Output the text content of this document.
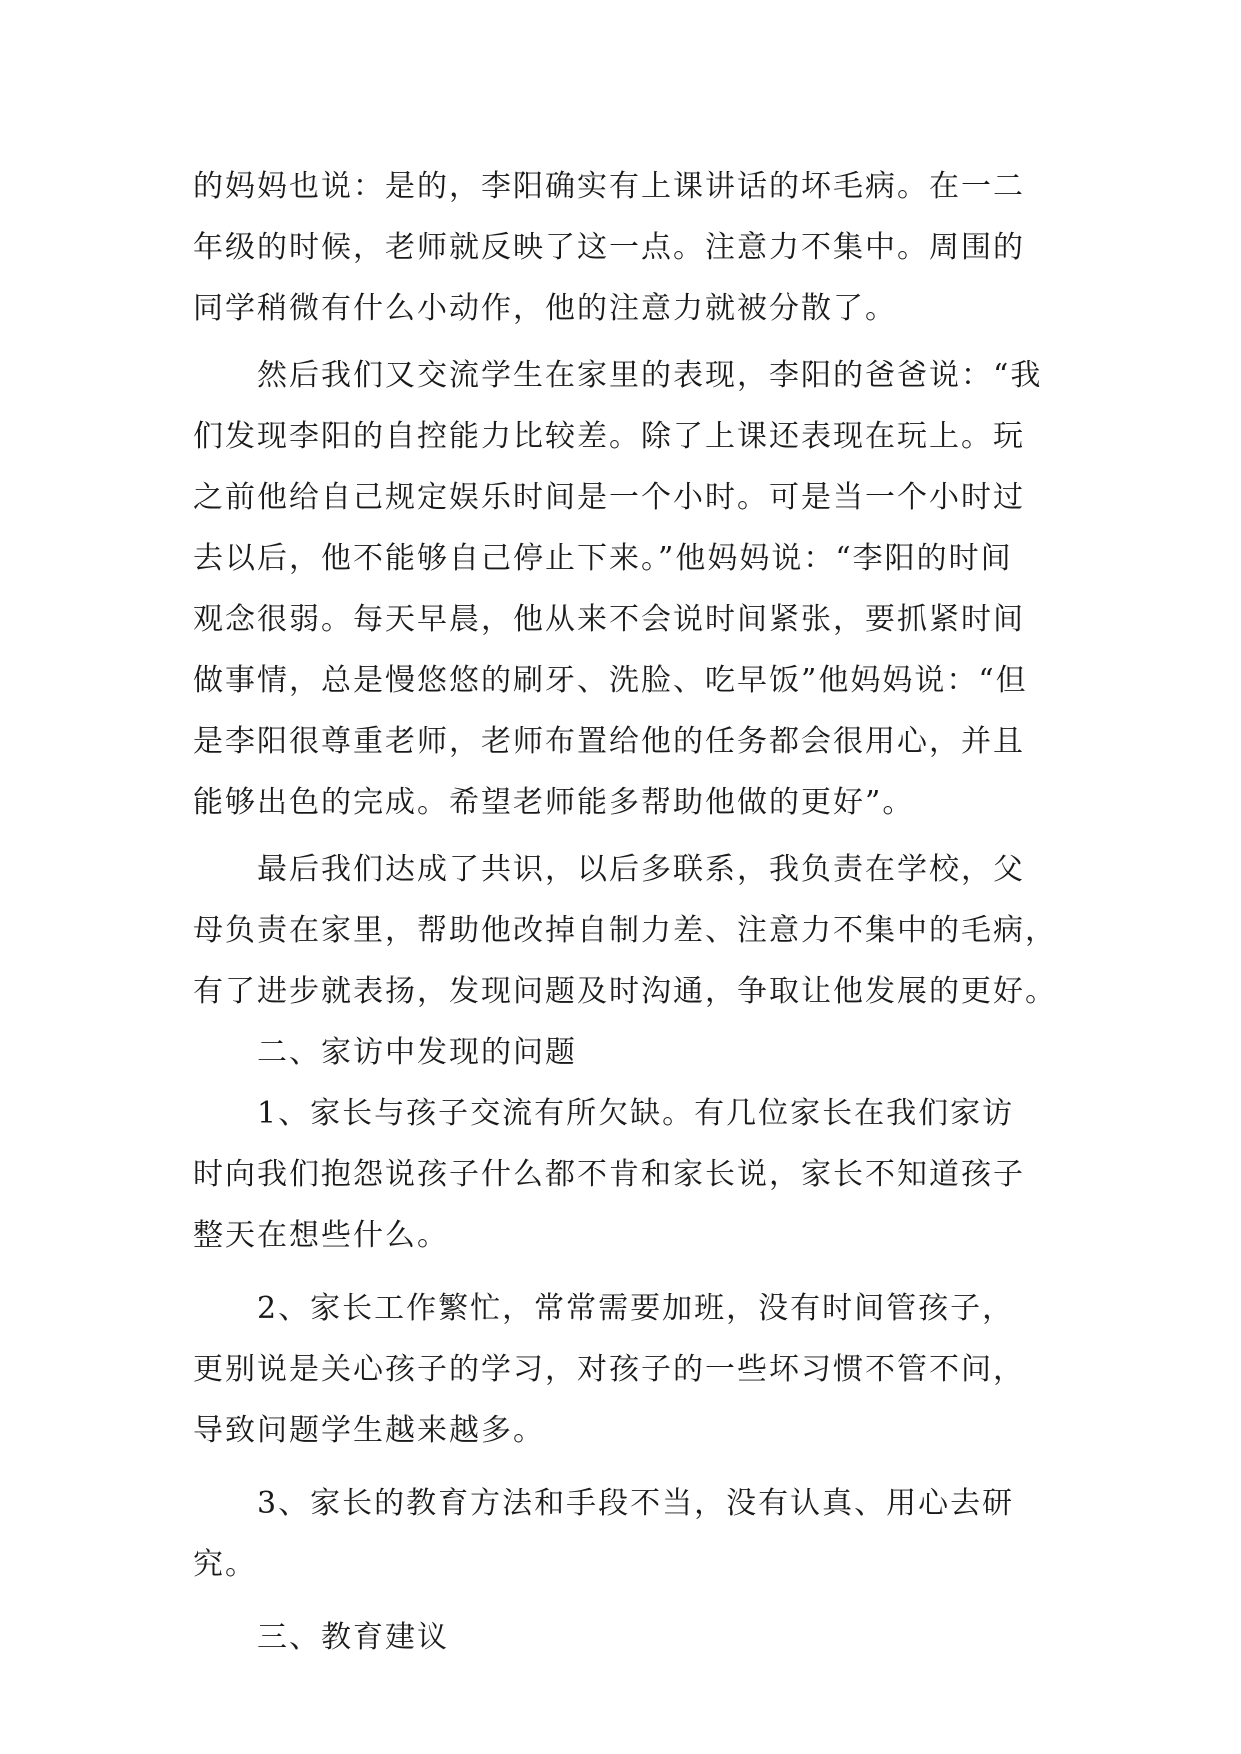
的妈妈也说：是的，李阳确实有上课讲话的坏毛病。在一二
年级的时候，老师就反映了这一点。注意力不集中。周围的
同学稍微有什么小动作，他的注意力就被分散了。
然后我们又交流学生在家里的表现，李阳的爸爸说：“我
们发现李阳的自控能力比较差。除了上课还表现在玩上。玩
之前他给自己规定娱乐时间是一个小时。可是当一个小时过
去以后，他不能够自己停止下来。”他妈妈说：“李阳的时间
观念很弱。每天早晨，他从来不会说时间紧张，要抓紧时间
做事情，总是慢悠悠的刷牙、洗脸、吃早饭”他妈妈说：“但
是李阳很尊重老师，老师布置给他的任务都会很用心，并且
能够出色的完成。希望老师能多帮助他做的更好”。
最后我们达成了共识，以后多联系，我负责在学校，父
母负责在家里，帮助他改掉自制力差、注意力不集中的毛病，
有了进步就表扬，发现问题及时沟通，争取让他发展的更好。
二、家访中发现的问题
1、家长与孩子交流有所欠缺。有几位家长在我们家访
时向我们抱怨说孩子什么都不肯和家长说，家长不知道孩子
整天在想些什么。
2、家长工作繁忙，常常需要加班，没有时间管孩子，
更别说是关心孩子的学习，对孩子的一些坏习惯不管不问，
导致问题学生越来越多。
3、家长的教育方法和手段不当，没有认真、用心去研
究。
三、教育建议
